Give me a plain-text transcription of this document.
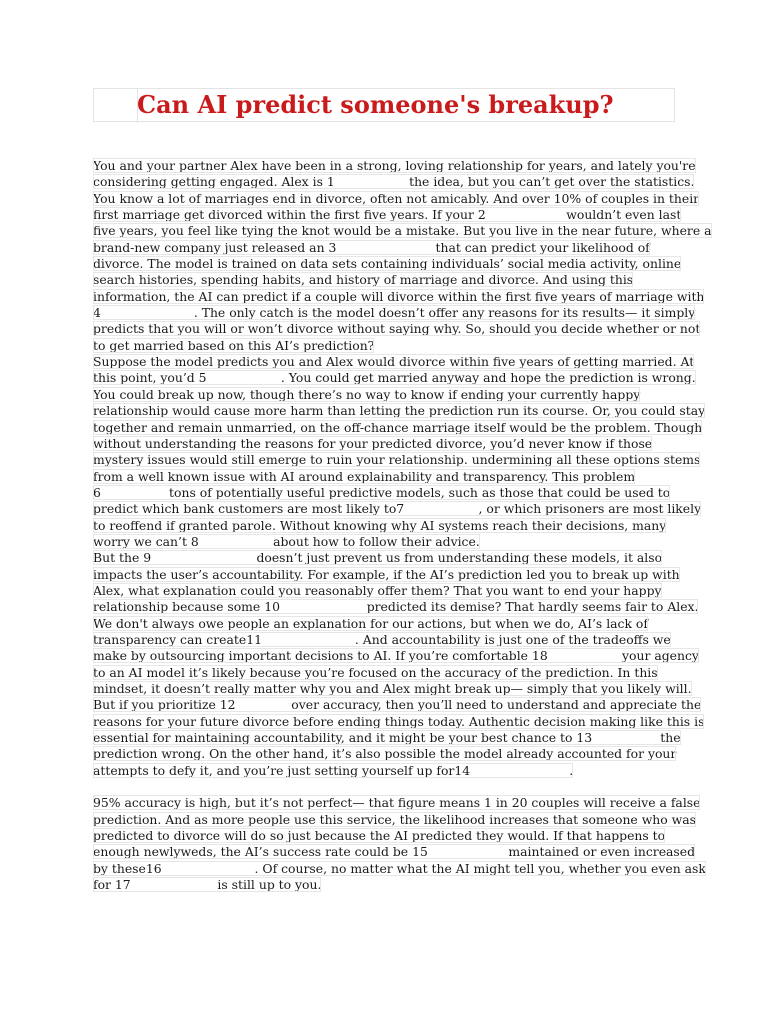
Can AI predict someone's breakup?
You and your partner Alex have been in a strong, loving relationship for years, and lately you're
considering getting engaged. Alex is 1____________the idea, but you can’t get over the statistics.
You know a lot of marriages end in divorce, often not amicably. And over 10% of couples in their
first marriage get divorced within the first five years. If your 2_____________wouldn’t even last
five years, you feel like tying the knot would be a mistake. But you live in the near future, where a
brand-new company just released an 3________________that can predict your likelihood of
divorce. The model is trained on data sets containing individuals’ social media activity, online
search histories, spending habits, and history of marriage and divorce. And using this
information, the AI can predict if a couple will divorce within the first five years of marriage with
4_______________. The only catch is the model doesn’t offer any reasons for its results— it simply
predicts that you will or won’t divorce without saying why. So, should you decide whether or not
to get married based on this AI’s prediction?
Suppose the model predicts you and Alex would divorce within five years of getting married. At
this point, you’d 5____________. You could get married anyway and hope the prediction is wrong.
You could break up now, though there’s no way to know if ending your currently happy
relationship would cause more harm than letting the prediction run its course. Or, you could stay
together and remain unmarried, on the off-chance marriage itself would be the problem. Though
without understanding the reasons for your predicted divorce, you’d never know if those
mystery issues would still emerge to ruin your relationship. undermining all these options stems
from a well known issue with AI around explainability and transparency. This problem
6___________tons of potentially useful predictive models, such as those that could be used to
predict which bank customers are most likely to7____________, or which prisoners are most likely
to reoffend if granted parole. Without knowing why AI systems reach their decisions, many
worry we can’t 8____________about how to follow their advice.
But the 9_________________doesn’t just prevent us from understanding these models, it also
impacts the user’s accountability. For example, if the AI’s prediction led you to break up with
Alex, what explanation could you reasonably offer them? That you want to end your happy
relationship because some 10______________predicted its demise? That hardly seems fair to Alex.
We don't always owe people an explanation for our actions, but when we do, AI’s lack of
transparency can create11_______________. And accountability is just one of the tradeoffs we
make by outsourcing important decisions to AI. If you’re comfortable 18____________your agency
to an AI model it’s likely because you’re focused on the accuracy of the prediction. In this
mindset, it doesn’t really matter why you and Alex might break up— simply that you likely will.
But if you prioritize 12_________over accuracy, then you’ll need to understand and appreciate the
reasons for your future divorce before ending things today. Authentic decision making like this is
essential for maintaining accountability, and it might be your best chance to 13___________the
prediction wrong. On the other hand, it’s also possible the model already accounted for your
attempts to defy it, and you’re just setting yourself up for14________________.
95% accuracy is high, but it’s not perfect— that figure means 1 in 20 couples will receive a false
prediction. And as more people use this service, the likelihood increases that someone who was
predicted to divorce will do so just because the AI predicted they would. If that happens to
enough newlyweds, the AI’s success rate could be 15_____________maintained or even increased
by these16_______________. Of course, no matter what the AI might tell you, whether you even ask
for 17______________is still up to you.
